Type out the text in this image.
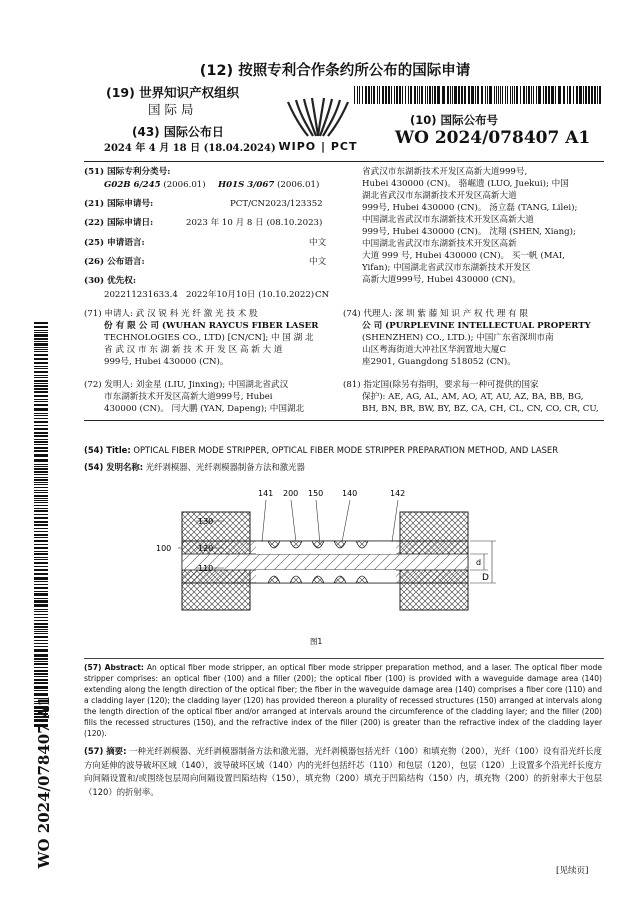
(12) 按照专利合作条约所公布的国际申请
(19) 世界知识产权组织
国 际 局
(43) 国际公布日
2024 年 4 月 18 日 (18.04.2024) WIPO | PCT
(10) 国际公布号
WO 2024/078407 A1
WO 2024/078407 A1
(51) 国际专利分类号:
G02B 6/245 (2006.01) H01S 3/067 (2006.01)
(21) 国际申请号:	PCT/CN2023/123352
(22) 国际申请日:	2023 年 10 月 8 日 (08.10.2023)
(25) 申请语言:	中文
(26) 公布语言:	中文
(30) 优先权:
202211231633.4 2022年10月10日 (10.10.2022) CN
(71) 申请人: 武 汉 锐 科 光 纤 激 光 技 术 股
份 有 限 公 司 (WUHAN RAYCUS FIBER LASER
TECHNOLOGIES CO., LTD) [CN/CN]; 中 国 湖 北
省 武 汉 市 东 湖 新 技 术 开 发 区 高 新 大 道
999号, Hubei 430000 (CN)。
(72) 发明人: 刘金星 (LIU, Jinxing); 中国湖北省武汉
市东湖新技术开发区高新大道999号, Hubei
430000 (CN)。 闫大鹏 (YAN, Dapeng); 中国湖北
省武汉市东湖新技术开发区高新大道999号,
Hubei 430000 (CN)。 骆崛遗 (LUO, Juekui); 中国
湖北省武汉市东湖新技术开发区高新大道
999号, Hubei 430000 (CN)。 汤立磊 (TANG, Lilei);
中国湖北省武汉市东湖新技术开发区高新大道
999号, Hubei 430000 (CN)。 沈翔 (SHEN, Xiang);
中国湖北省武汉市东湖新技术开发区高新
大道 999 号, Hubei 430000 (CN)。 买一帆 (MAI,
Yifan); 中国湖北省武汉市东湖新技术开发区
高新大道999号, Hubei 430000 (CN)。
(74) 代理人: 深 圳 紫 藤 知 识 产 权 代 理 有 限
公 司 (PURPLEVINE INTELLECTUAL PROPERTY
(SHENZHEN) CO., LTD.); 中国广东省深圳市南
山区粤海街道大冲社区华润置地大厦C
座2901, Guangdong 518052 (CN)。
(81) 指定国(除另有指明，要求每一种可提供的国家
保护): AE, AG, AL, AM, AO, AT, AU, AZ, BA, BB, BG,
BH, BN, BR, BW, BY, BZ, CA, CH, CL, CN, CO, CR, CU,
(54) Title: OPTICAL FIBER MODE STRIPPER, OPTICAL FIBER MODE STRIPPER PREPARATION METHOD, AND LASER
(54) 发明名称: 光纤剥模器、光纤剥模器制备方法和激光器
141 200 150 140	142
130
100	120
110
d
D
图1
(57) Abstract: An optical fiber mode stripper, an optical fiber mode stripper preparation method, and a laser. The optical fiber mode stripper comprises: an optical fiber (100) and a filler (200); the optical fiber (100) is provided with a waveguide damage area (140) extending along the length direction of the optical fiber; the fiber in the waveguide damage area (140) comprises a fiber core (110) and a cladding layer (120); the cladding layer (120) has provided thereon a plurality of recessed structures (150) arranged at intervals along the length direction of the optical fiber and/or arranged at intervals around the circumference of the cladding layer; and the filler (200) fills the recessed structures (150), and the refractive index of the filler (200) is greater than the refractive index of the cladding layer (120).
(57) 摘要: 一种光纤剥模器、光纤剥模器制备方法和激光器，光纤剥模器包括光纤（100）和填充物（200），光纤（100）设有沿光纤长度方向延伸的波导破坏区域（140），波导破坏区域（140）内的光纤包括纤芯（110）和包层（120），包层（120）上设置多个沿光纤长度方向间隔设置和/或围绕包层周向间隔设置凹陷结构（150），填充物（200）填充于凹陷结构（150）内，填充物（200）的折射率大于包层（120）的折射率。
[见续页]
